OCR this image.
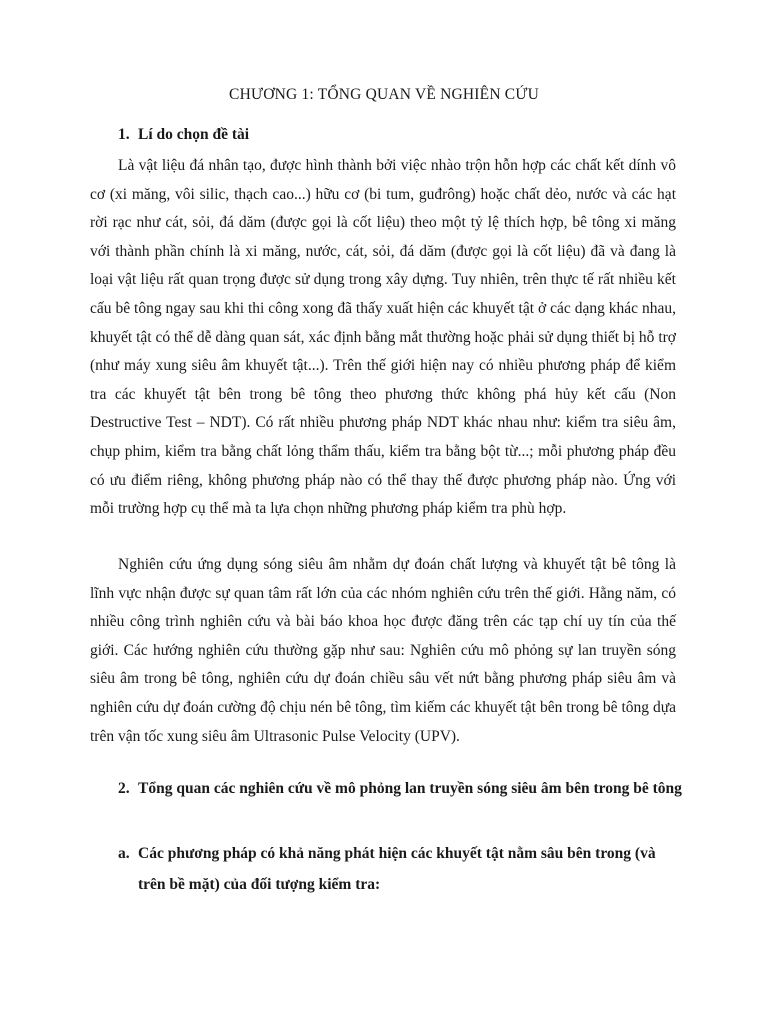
CHƯƠNG 1: TỔNG QUAN VỀ NGHIÊN CỨU
1. Lí do chọn đề tài

Là vật liệu đá nhân tạo, được hình thành bởi việc nhào trộn hỗn hợp các chất kết dính vô cơ (xi măng, vôi silic, thạch cao...) hữu cơ (bi tum, guđrông) hoặc chất dẻo, nước và các hạt rời rạc như cát, sỏi, đá dăm (được gọi là cốt liệu) theo một tỷ lệ thích hợp, bê tông xi măng với thành phần chính là xi măng, nước, cát, sỏi, đá dăm (được gọi là cốt liệu) đã và đang là loại vật liệu rất quan trọng được sử dụng trong xây dựng. Tuy nhiên, trên thực tế rất nhiều kết cấu bê tông ngay sau khi thi công xong đã thấy xuất hiện các khuyết tật ở các dạng khác nhau, khuyết tật có thể dễ dàng quan sát, xác định bằng mắt thường hoặc phải sử dụng thiết bị hỗ trợ (như máy xung siêu âm khuyết tật...). Trên thế giới hiện nay có nhiều phương pháp để kiểm tra các khuyết tật bên trong bê tông theo phương thức không phá hủy kết cấu (Non Destructive Test – NDT). Có rất nhiều phương pháp NDT khác nhau như: kiểm tra siêu âm, chụp phim, kiểm tra bằng chất lỏng thẩm thấu, kiểm tra bằng bột từ...; mỗi phương pháp đều có ưu điểm riêng, không phương pháp nào có thể thay thế được phương pháp nào. Ứng với mỗi trường hợp cụ thể mà ta lựa chọn những phương pháp kiểm tra phù hợp.

Nghiên cứu ứng dụng sóng siêu âm nhằm dự đoán chất lượng và khuyết tật bê tông là lĩnh vực nhận được sự quan tâm rất lớn của các nhóm nghiên cứu trên thế giới. Hằng năm, có nhiều công trình nghiên cứu và bài báo khoa học được đăng trên các tạp chí uy tín của thế giới. Các hướng nghiên cứu thường gặp như sau: Nghiên cứu mô phỏng sự lan truyền sóng siêu âm trong bê tông, nghiên cứu dự đoán chiều sâu vết nứt bằng phương pháp siêu âm và nghiên cứu dự đoán cường độ chịu nén bê tông, tìm kiếm các khuyết tật bên trong bê tông dựa trên vận tốc xung siêu âm Ultrasonic Pulse Velocity (UPV).

2. Tổng quan các nghiên cứu về mô phỏng lan truyền sóng siêu âm bên trong bê tông
a. Các phương pháp có khả năng phát hiện các khuyết tật nằm sâu bên trong (và trên bề mặt) của đối tượng kiểm tra:
